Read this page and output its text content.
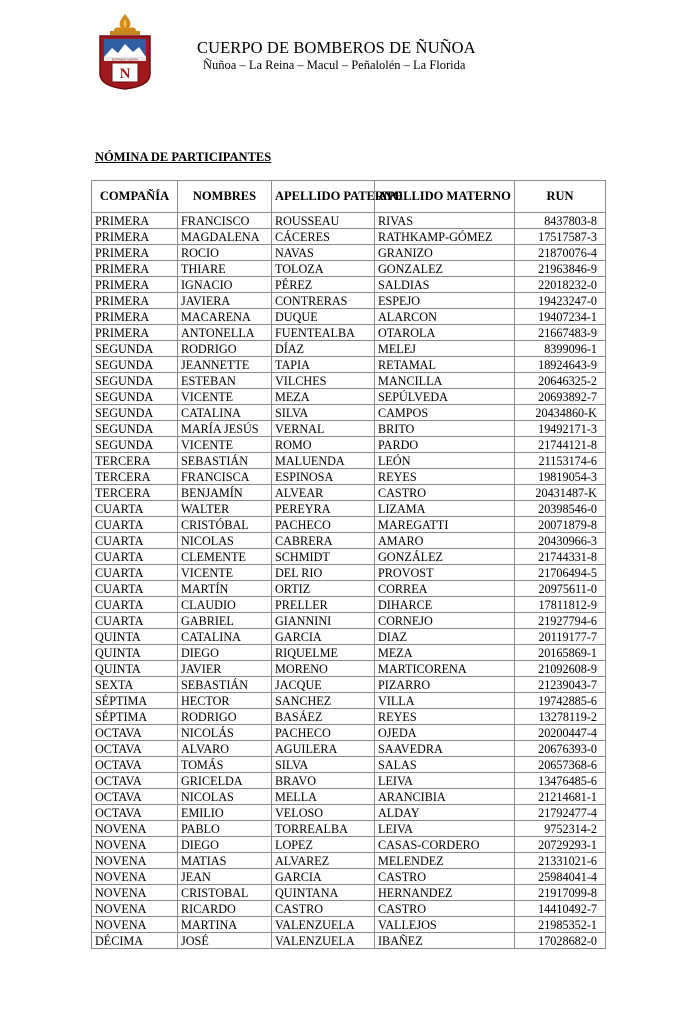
N
ESTAMOS ALERTA
CUERPO DE BOMBEROS DE ÑUÑOA
Ñuñoa – La Reina – Macul – Peñalolén – La Florida
NÓMINA DE PARTICIPANTES
COMPAÑÍA	NOMBRES	APELLIDO PATERNO	APELLIDO MATERNO	RUN
PRIMERA	FRANCISCO	ROUSSEAU	RIVAS	8437803-8
PRIMERA	MAGDALENA	CÁCERES	RATHKAMP-GÓMEZ	17517587-3
PRIMERA	ROCIO	NAVAS	GRANIZO	21870076-4
PRIMERA	THIARE	TOLOZA	GONZALEZ	21963846-9
PRIMERA	IGNACIO	PÉREZ	SALDIAS	22018232-0
PRIMERA	JAVIERA	CONTRERAS	ESPEJO	19423247-0
PRIMERA	MACARENA	DUQUE	ALARCON	19407234-1
PRIMERA	ANTONELLA	FUENTEALBA	OTAROLA	21667483-9
SEGUNDA	RODRIGO	DÍAZ	MELEJ	8399096-1
SEGUNDA	JEANNETTE	TAPIA	RETAMAL	18924643-9
SEGUNDA	ESTEBAN	VILCHES	MANCILLA	20646325-2
SEGUNDA	VICENTE	MEZA	SEPÚLVEDA	20693892-7
SEGUNDA	CATALINA	SILVA	CAMPOS	20434860-K
SEGUNDA	MARÍA JESÚS	VERNAL	BRITO	19492171-3
SEGUNDA	VICENTE	ROMO	PARDO	21744121-8
TERCERA	SEBASTIÁN	MALUENDA	LEÓN	21153174-6
TERCERA	FRANCISCA	ESPINOSA	REYES	19819054-3
TERCERA	BENJAMÍN	ALVEAR	CASTRO	20431487-K
CUARTA	WALTER	PEREYRA	LIZAMA	20398546-0
CUARTA	CRISTÓBAL	PACHECO	MAREGATTI	20071879-8
CUARTA	NICOLAS	CABRERA	AMARO	20430966-3
CUARTA	CLEMENTE	SCHMIDT	GONZÁLEZ	21744331-8
CUARTA	VICENTE	DEL RIO	PROVOST	21706494-5
CUARTA	MARTÍN	ORTIZ	CORREA	20975611-0
CUARTA	CLAUDIO	PRELLER	DIHARCE	17811812-9
CUARTA	GABRIEL	GIANNINI	CORNEJO	21927794-6
QUINTA	CATALINA	GARCIA	DIAZ	20119177-7
QUINTA	DIEGO	RIQUELME	MEZA	20165869-1
QUINTA	JAVIER	MORENO	MARTICORENA	21092608-9
SEXTA	SEBASTIÁN	JACQUE	PIZARRO	21239043-7
SÉPTIMA	HECTOR	SANCHEZ	VILLA	19742885-6
SÉPTIMA	RODRIGO	BASÁEZ	REYES	13278119-2
OCTAVA	NICOLÁS	PACHECO	OJEDA	20200447-4
OCTAVA	ALVARO	AGUILERA	SAAVEDRA	20676393-0
OCTAVA	TOMÁS	SILVA	SALAS	20657368-6
OCTAVA	GRICELDA	BRAVO	LEIVA	13476485-6
OCTAVA	NICOLAS	MELLA	ARANCIBIA	21214681-1
OCTAVA	EMILIO	VELOSO	ALDAY	21792477-4
NOVENA	PABLO	TORREALBA	LEIVA	9752314-2
NOVENA	DIEGO	LOPEZ	CASAS-CORDERO	20729293-1
NOVENA	MATIAS	ALVAREZ	MELENDEZ	21331021-6
NOVENA	JEAN	GARCIA	CASTRO	25984041-4
NOVENA	CRISTOBAL	QUINTANA	HERNANDEZ	21917099-8
NOVENA	RICARDO	CASTRO	CASTRO	14410492-7
NOVENA	MARTINA	VALENZUELA	VALLEJOS	21985352-1
DÉCIMA	JOSÉ	VALENZUELA	IBAÑEZ	17028682-0
